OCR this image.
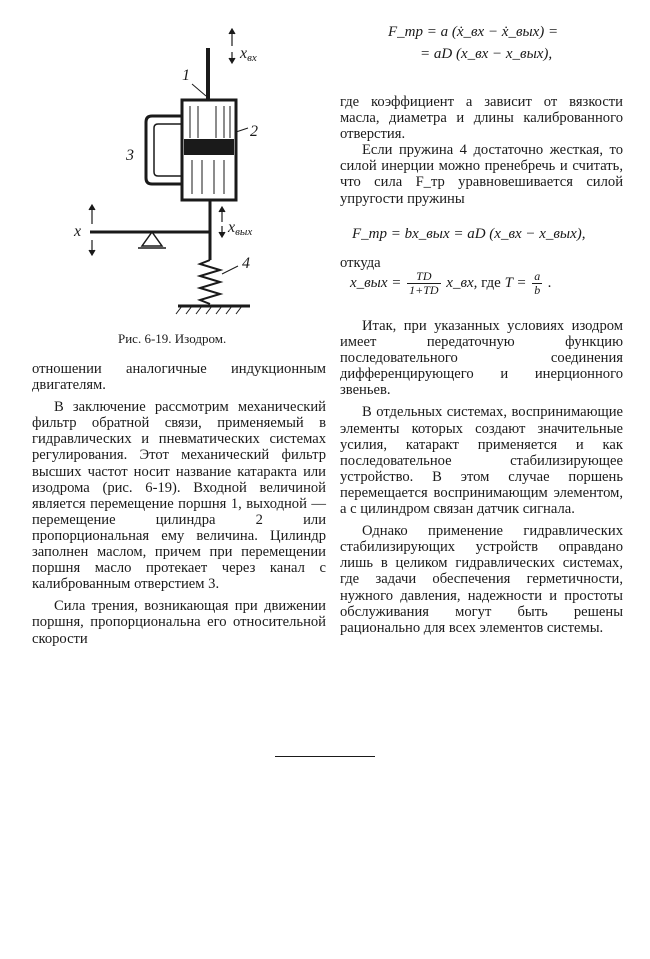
1
2
3
4
xвх
xвых
x
Рис. 6-19. Изодром.
F_тр = a (ẋ_вх − ẋ_вых) =
= aD (x_вх − x_вых),

где коэффициент a зависит от вязкости масла, диаметра и длины калиброванного отверстия.

Если пружина 4 достаточно жесткая, то силой инерции можно пренебречь и считать, что сила F_тр уравновешивается силой упругости пружины

F_тр = bx_вых = aD (x_вх − x_вых),
откуда
x_вых = $\frac{TD}{1+TD}$ x_вх, где $T = \frac{a}{b}$ .

Итак, при указанных условиях изодром имеет передаточную функцию последовательного соединения дифференцирующего и инерционного звеньев.

В отдельных системах, воспринимающие элементы которых создают значительные усилия, катаракт применяется и как последовательное стабилизирующее устройство. В этом случае поршень перемещается воспринимающим элементом, а с цилиндром связан датчик сигнала.

Однако применение гидравлических стабилизирующих устройств оправдано лишь в целиком гидравлических системах, где задачи обеспечения герметичности, нужного давления, надежности и простоты обслуживания могут быть решены рационально для всех элементов системы.

отношении аналогичные индукционным двигателям.

В заключение рассмотрим механический фильтр обратной связи, применяемый в гидравлических и пневматических системах регулирования. Этот механический фильтр высших частот носит название катаракта или изодрома (рис. 6-19). Входной величиной является перемещение поршня 1, выходной — перемещение цилиндра 2 или пропорциональная ему величина. Цилиндр заполнен маслом, причем при перемещении поршня масло протекает через канал с калиброванным отверстием 3.

Сила трения, возникающая при движении поршня, пропорциональна его относительной скорости
